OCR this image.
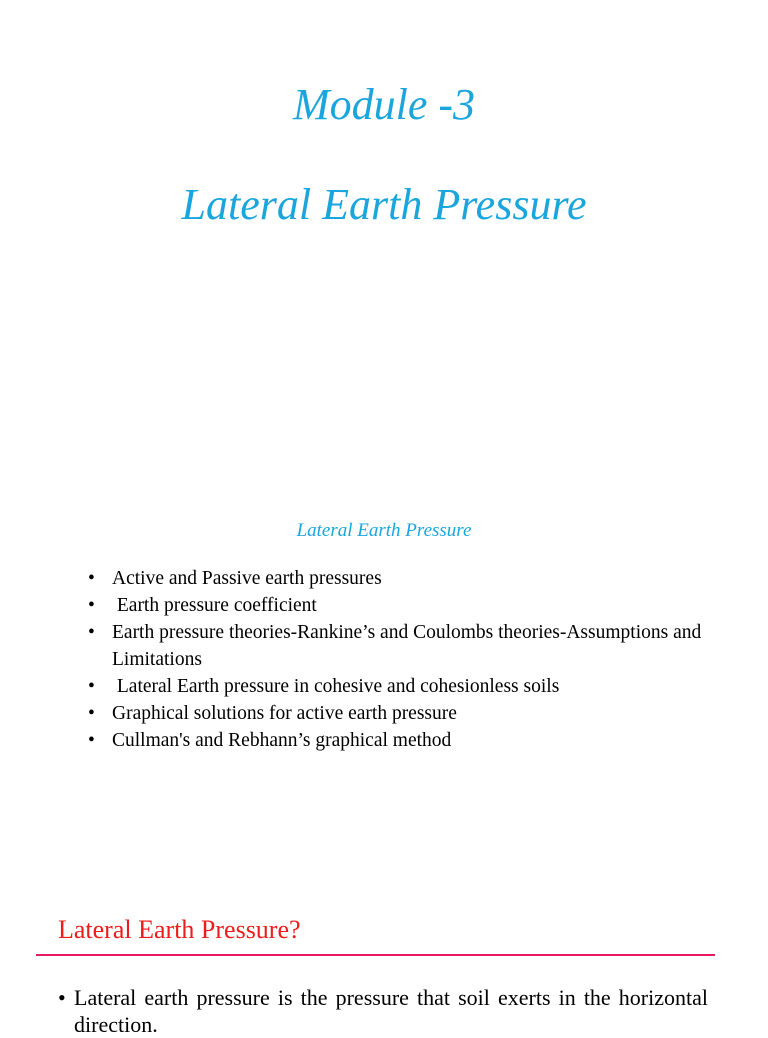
Module -3
Lateral Earth Pressure
Lateral Earth Pressure
• Active and Passive earth pressures
• Earth pressure coefficient
• Earth pressure theories-Rankine’s and Coulombs theories-Assumptions and Limitations
• Lateral Earth pressure in cohesive and cohesionless soils
• Graphical solutions for active earth pressure
• Cullman's and Rebhann’s graphical method
Lateral Earth Pressure?

• Lateral earth pressure is the pressure that soil exerts in the horizontal direction.
